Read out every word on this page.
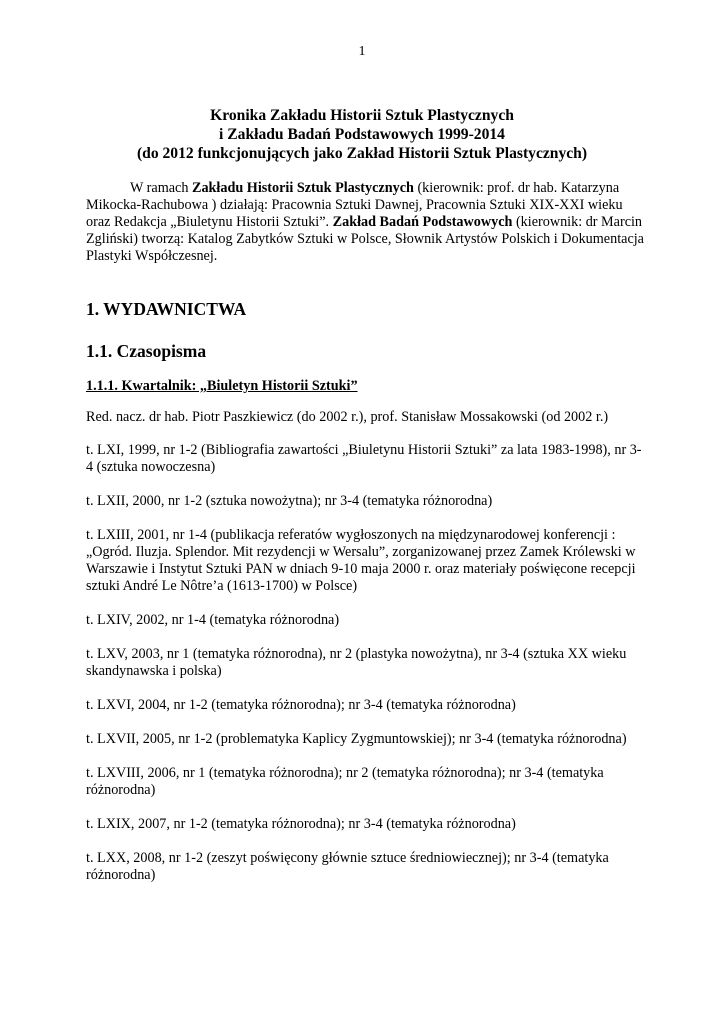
1
Kronika Zakładu Historii Sztuk Plastycznych
i Zakładu Badań Podstawowych 1999-2014
(do 2012 funkcjonujących jako Zakład Historii Sztuk Plastycznych)

W ramach Zakładu Historii Sztuk Plastycznych (kierownik: prof. dr hab. Katarzyna Mikocka-Rachubowa ) działają: Pracownia Sztuki Dawnej, Pracownia Sztuki XIX-XXI wieku oraz Redakcja „Biuletynu Historii Sztuki”. Zakład Badań Podstawowych (kierownik: dr Marcin Zgliński) tworzą: Katalog Zabytków Sztuki w Polsce, Słownik Artystów Polskich i Dokumentacja Plastyki Współczesnej.

1. WYDAWNICTWA
1.1. Czasopisma
1.1.1. Kwartalnik: „Biuletyn Historii Sztuki”
Red. nacz. dr hab. Piotr Paszkiewicz (do 2002 r.), prof. Stanisław Mossakowski (od 2002 r.)
t. LXI, 1999, nr 1-2 (Bibliografia zawartości „Biuletynu Historii Sztuki” za lata 1983-1998), nr 3-4 (sztuka nowoczesna)
t. LXII, 2000, nr 1-2 (sztuka nowożytna); nr 3-4 (tematyka różnorodna)
t. LXIII, 2001, nr 1-4 (publikacja referatów wygłoszonych na międzynarodowej konferencji : „Ogród. Iluzja. Splendor. Mit rezydencji w Wersalu”, zorganizowanej przez Zamek Królewski w Warszawie i Instytut Sztuki PAN w dniach 9-10 maja 2000 r. oraz materiały poświęcone recepcji sztuki André Le Nôtre’a (1613-1700) w Polsce)
t. LXIV, 2002, nr 1-4 (tematyka różnorodna)
t. LXV, 2003, nr 1 (tematyka różnorodna), nr 2 (plastyka nowożytna), nr 3-4 (sztuka XX wieku skandynawska i polska)
t. LXVI, 2004, nr 1-2 (tematyka różnorodna); nr 3-4 (tematyka różnorodna)
t. LXVII, 2005, nr 1-2 (problematyka Kaplicy Zygmuntowskiej); nr 3-4 (tematyka różnorodna)
t. LXVIII, 2006, nr 1 (tematyka różnorodna); nr 2 (tematyka różnorodna); nr 3-4 (tematyka różnorodna)
t. LXIX, 2007, nr 1-2 (tematyka różnorodna); nr 3-4 (tematyka różnorodna)
t. LXX, 2008, nr 1-2 (zeszyt poświęcony głównie sztuce średniowiecznej); nr 3-4 (tematyka różnorodna)
